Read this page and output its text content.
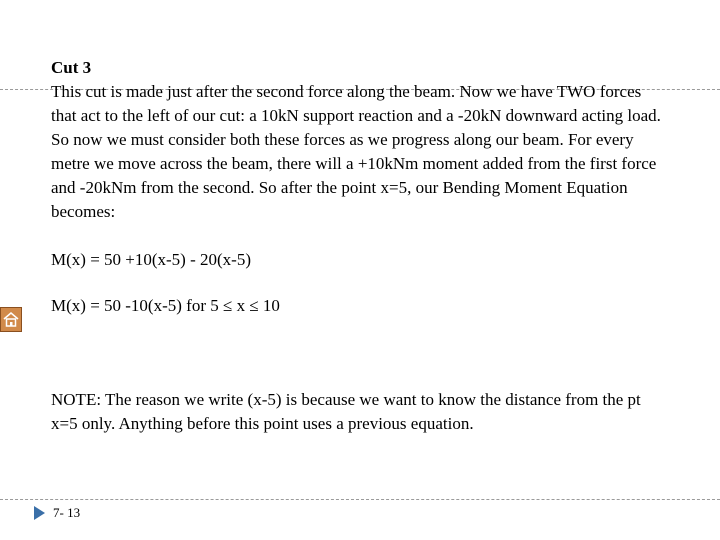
Cut 3

This cut is made just after the second force along the beam. Now we have TWO forces that act to the left of our cut: a 10kN support reaction and a -20kN downward acting load. So now we must consider both these forces as we progress along our beam. For every metre we move across the beam, there will a +10kNm moment added from the first force and -20kNm from the second. So after the point x=5, our Bending Moment Equation becomes:

M(x) = 50 +10(x-5) - 20(x-5)

M(x) = 50 -10(x-5) for 5 ≤ x ≤ 10

NOTE: The reason we write (x-5) is because we want to know the distance from the pt x=5 only. Anything before this point uses a previous equation.

7- 13
